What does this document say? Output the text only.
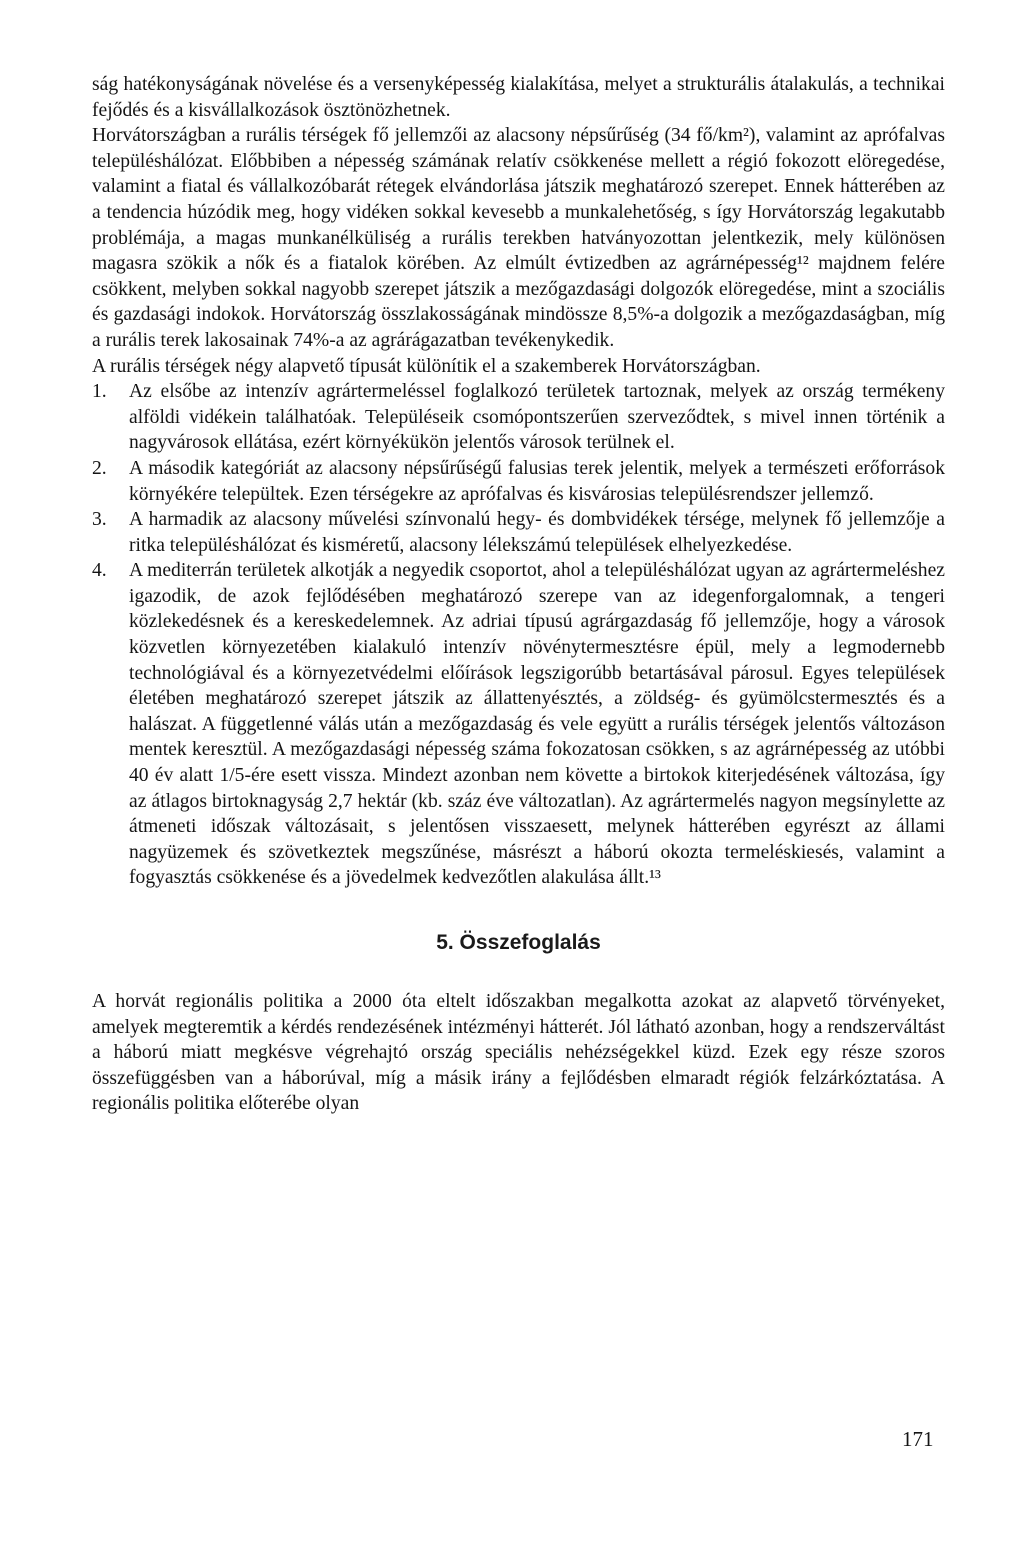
ság hatékonyságának növelése és a versenyképesség kialakítása, melyet a strukturális átalakulás, a technikai fejődés és a kisvállalkozások ösztönözhetnek.

Horvátországban a rurális térségek fő jellemzői az alacsony népsűrűség (34 fő/km²), valamint az aprófalvas településhálózat. Előbbiben a népesség számának relatív csökkenése mellett a régió fokozott elöregedése, valamint a fiatal és vállalkozóbarát rétegek elvándorlása játszik meghatározó szerepet. Ennek hátterében az a tendencia húzódik meg, hogy vidéken sokkal kevesebb a munkalehetőség, s így Horvátország legakutabb problémája, a magas munkanélküliség a rurális terekben hatványozottan jelentkezik, mely különösen magasra szökik a nők és a fiatalok körében. Az elmúlt évtizedben az agrárnépesség¹² majdnem felére csökkent, melyben sokkal nagyobb szerepet játszik a mezőgazdasági dolgozók elöregedése, mint a szociális és gazdasági indokok. Horvátország összlakosságának mindössze 8,5%-a dolgozik a mezőgazdaságban, míg a rurális terek lakosainak 74%-a az agrárágazatban tevékenykedik.

A rurális térségek négy alapvető típusát különítik el a szakemberek Horvátországban.

1.	Az elsőbe az intenzív agrártermeléssel foglalkozó területek tartoznak, melyek az ország termékeny alföldi vidékein találhatóak. Településeik csomópontszerűen szerveződtek, s mivel innen történik a nagyvárosok ellátása, ezért környékükön jelentős városok terülnek el.
2.	A második kategóriát az alacsony népsűrűségű falusias terek jelentik, melyek a természeti erőforrások környékére települtek. Ezen térségekre az aprófalvas és kisvárosias településrendszer jellemző.
3.	A harmadik az alacsony művelési színvonalú hegy- és dombvidékek térsége, melynek fő jellemzője a ritka településhálózat és kisméretű, alacsony lélekszámú települések elhelyezkedése.
4.	A mediterrán területek alkotják a negyedik csoportot, ahol a településhálózat ugyan az agrártermeléshez igazodik, de azok fejlődésében meghatározó szerepe van az idegenforgalomnak, a tengeri közlekedésnek és a kereskedelemnek. Az adriai típusú agrárgazdaság fő jellemzője, hogy a városok közvetlen környezetében kialakuló intenzív növénytermesztésre épül, mely a legmodernebb technológiával és a környezetvédelmi előírások legszigorúbb betartásával párosul. Egyes települések életében meghatározó szerepet játszik az állattenyésztés, a zöldség- és gyümölcstermesztés és a halászat. A függetlenné válás után a mezőgazdaság és vele együtt a rurális térségek jelentős változáson mentek keresztül. A mezőgazdasági népesség száma fokozatosan csökken, s az agrárnépesség az utóbbi 40 év alatt 1/5-ére esett vissza. Mindezt azonban nem követte a birtokok kiterjedésének változása, így az átlagos birtoknagyság 2,7 hektár (kb. száz éve változatlan). Az agrártermelés nagyon megsínylette az átmeneti időszak változásait, s jelentősen visszaesett, melynek hátterében egyrészt az állami nagyüzemek és szövetkeztek megszűnése, másrészt a háború okozta termeléskiesés, valamint a fogyasztás csökkenése és a jövedelmek kedvezőtlen alakulása állt.¹³
5. Összefoglalás

A horvát regionális politika a 2000 óta eltelt időszakban megalkotta azokat az alapvető törvényeket, amelyek megteremtik a kérdés rendezésének intézményi hátterét. Jól látható azonban, hogy a rendszerváltást a háború miatt megkésve végrehajtó ország speciális nehézségekkel küzd. Ezek egy része szoros összefüggésben van a háborúval, míg a másik irány a fejlődésben elmaradt régiók felzárkóztatása. A regionális politika előterébe olyan

171
